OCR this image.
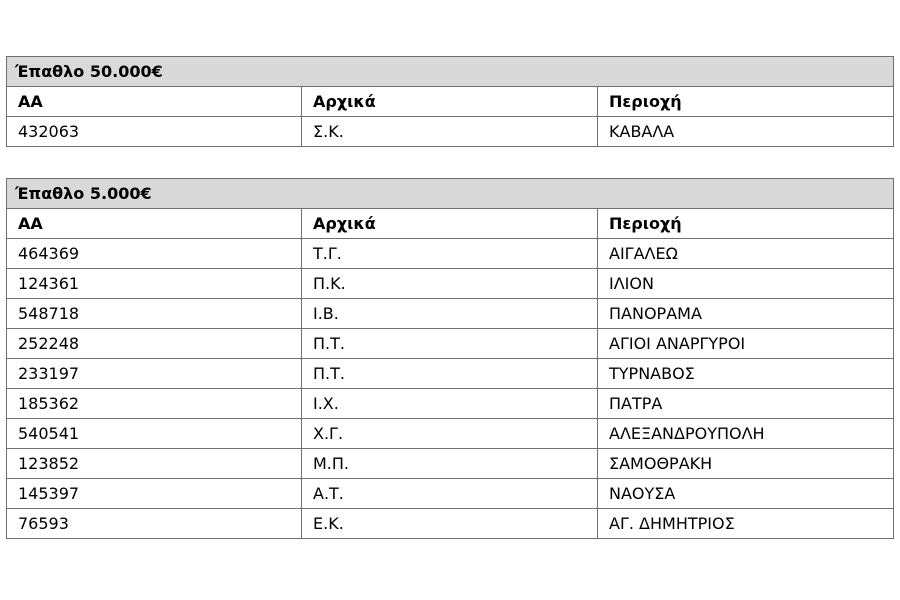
Έπαθλο 50.000€		
ΑΑ	Αρχικά	Περιοχή
432063	Σ.Κ.	ΚΑΒΑΛΑ
Έπαθλο 5.000€		
ΑΑ	Αρχικά	Περιοχή
464369	Τ.Γ.	ΑΙΓΑΛΕΩ
124361	Π.Κ.	ΙΛΙΟΝ
548718	Ι.Β.	ΠΑΝΟΡΑΜΑ
252248	Π.Τ.	ΑΓΙΟΙ ΑΝΑΡΓΥΡΟΙ
233197	Π.Τ.	ΤΥΡΝΑΒΟΣ
185362	Ι.Χ.	ΠΑΤΡΑ
540541	Χ.Γ.	ΑΛΕΞΑΝΔΡΟΥΠΟΛΗ
123852	Μ.Π.	ΣΑΜΟΘΡΑΚΗ
145397	Α.Τ.	ΝΑΟΥΣΑ
76593	Ε.Κ.	ΑΓ. ΔΗΜΗΤΡΙΟΣ
